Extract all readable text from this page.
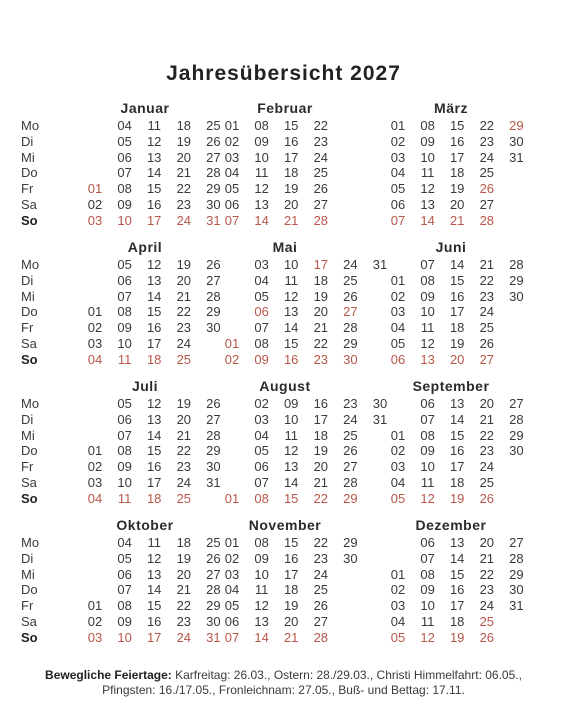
Jahresübersicht 2027
Januar
Mo
Di
Mi
Do
Fr
Sa
So
01
02
03
04
05
06
07
08
09
10
11
12
13
14
15
16
17
18
19
20
21
22
23
24
25
26
27
28
29
30
31
Februar
01
02
03
04
05
06
07
08
09
10
11
12
13
14
15
16
17
18
19
20
21
22
23
24
25
26
27
28
März
01
02
03
04
05
06
07
08
09
10
11
12
13
14
15
16
17
18
19
20
21
22
23
24
25
26
27
28
29
30
31
April
Mo
Di
Mi
Do
Fr
Sa
So
01
02
03
04
05
06
07
08
09
10
11
12
13
14
15
16
17
18
19
20
21
22
23
24
25
26
27
28
29
30
Mai
01
02
03
04
05
06
07
08
09
10
11
12
13
14
15
16
17
18
19
20
21
22
23
24
25
26
27
28
29
30
31
Juni
01
02
03
04
05
06
07
08
09
10
11
12
13
14
15
16
17
18
19
20
21
22
23
24
25
26
27
28
29
30
Juli
Mo
Di
Mi
Do
Fr
Sa
So
01
02
03
04
05
06
07
08
09
10
11
12
13
14
15
16
17
18
19
20
21
22
23
24
25
26
27
28
29
30
31
August
01
02
03
04
05
06
07
08
09
10
11
12
13
14
15
16
17
18
19
20
21
22
23
24
25
26
27
28
29
30
31
September
01
02
03
04
05
06
07
08
09
10
11
12
13
14
15
16
17
18
19
20
21
22
23
24
25
26
27
28
29
30
Oktober
Mo
Di
Mi
Do
Fr
Sa
So
01
02
03
04
05
06
07
08
09
10
11
12
13
14
15
16
17
18
19
20
21
22
23
24
25
26
27
28
29
30
31
November
01
02
03
04
05
06
07
08
09
10
11
12
13
14
15
16
17
18
19
20
21
22
23
24
25
26
27
28
29
30
Dezember
01
02
03
04
05
06
07
08
09
10
11
12
13
14
15
16
17
18
19
20
21
22
23
24
25
26
27
28
29
30
31
Bewegliche Feiertage: Karfreitag: 26.03., Ostern: 28./29.03., Christi Himmelfahrt: 06.05.,
Pfingsten: 16./17.05., Fronleichnam: 27.05., Buß- und Bettag: 17.11.
